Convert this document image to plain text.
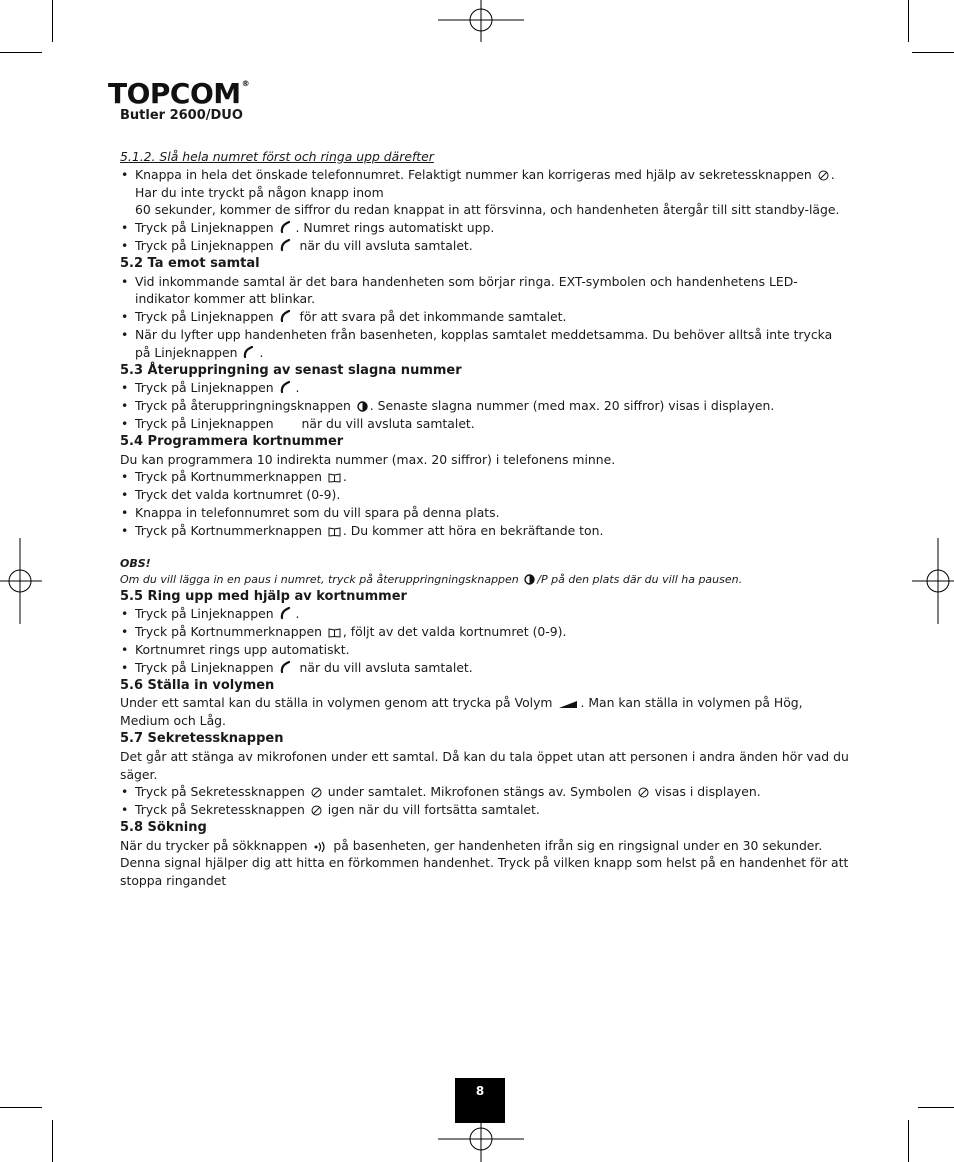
TOPCOM®
Butler 2600/DUO

5.1.2. Slå hela numret först och ringa upp därefter

• Knappa in hela det önskade telefonnumret. Felaktigt nummer kan korrigeras med hjälp av sekretessknappen . Har du inte tryckt på någon knapp inom
60 sekunder, kommer de siffror du redan knappat in att försvinna, och handenheten återgår till sitt standby-läge.
• Tryck på Linjeknappen . Numret rings automatiskt upp.
• Tryck på Linjeknappen när du vill avsluta samtalet.

5.2 Ta emot samtal

• Vid inkommande samtal är det bara handenheten som börjar ringa. EXT-symbolen och handenhetens LED-indikator kommer att blinkar.
• Tryck på Linjeknappen för att svara på det inkommande samtalet.
• När du lyfter upp handenheten från basenheten, kopplas samtalet meddetsamma. Du behöver alltså inte trycka på Linjeknappen .

5.3 Återuppringning av senast slagna nummer

• Tryck på Linjeknappen .
• Tryck på återuppringningsknappen . Senaste slagna nummer (med max. 20 siffror) visas i displayen.
• Tryck på Linjeknappen när du vill avsluta samtalet.

5.4 Programmera kortnummer

Du kan programmera 10 indirekta nummer (max. 20 siffror) i telefonens minne.

• Tryck på Kortnummerknappen .
• Tryck det valda kortnumret (0-9).
• Knappa in telefonnumret som du vill spara på denna plats.
• Tryck på Kortnummerknappen . Du kommer att höra en bekräftande ton.
OBS!
Om du vill lägga in en paus i numret, tryck på återuppringningsknappen /P på den plats där du vill ha pausen.

5.5 Ring upp med hjälp av kortnummer

• Tryck på Linjeknappen .
• Tryck på Kortnummerknappen , följt av det valda kortnumret (0-9).
• Kortnumret rings upp automatiskt.
• Tryck på Linjeknappen när du vill avsluta samtalet.

5.6 Ställa in volymen

Under ett samtal kan du ställa in volymen genom att trycka på Volym . Man kan ställa in volymen på Hög, Medium och Låg.

5.7 Sekretessknappen

Det går att stänga av mikrofonen under ett samtal. Då kan du tala öppet utan att personen i andra änden hör vad du säger.

• Tryck på Sekretessknappen under samtalet. Mikrofonen stängs av. Symbolen visas i displayen.
• Tryck på Sekretessknappen igen när du vill fortsätta samtalet.

5.8 Sökning

När du trycker på sökknappen på basenheten, ger handenheten ifrån sig en ringsignal under en 30 sekunder. Denna signal hjälper dig att hitta en förkommen handenhet. Tryck på vilken knapp som helst på en handenhet för att stoppa ringandet

8
